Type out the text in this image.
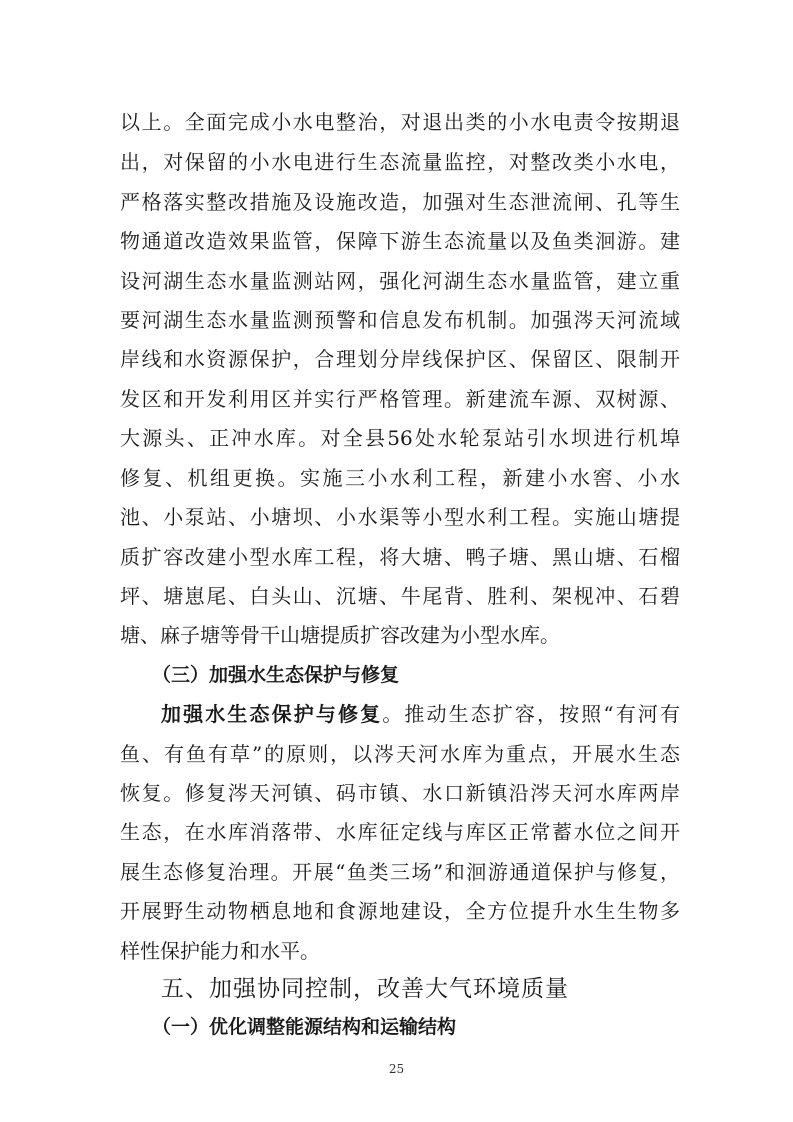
以上。全面完成小水电整治，对退出类的小水电责令按期退
出，对保留的小水电进行生态流量监控，对整改类小水电，
严格落实整改措施及设施改造，加强对生态泄流闸、孔等生
物通道改造效果监管，保障下游生态流量以及鱼类洄游。建
设河湖生态水量监测站网，强化河湖生态水量监管，建立重
要河湖生态水量监测预警和信息发布机制。加强涔天河流域
岸线和水资源保护，合理划分岸线保护区、保留区、限制开
发区和开发利用区并实行严格管理。新建流车源、双树源、
大源头、正冲水库。对全县56处水轮泵站引水坝进行机埠
修复、机组更换。实施三小水利工程，新建小水窖、小水
池、小泵站、小塘坝、小水渠等小型水利工程。实施山塘提
质扩容改建小型水库工程，将大塘、鸭子塘、黑山塘、石榴
坪、塘崽尾、白头山、沉塘、牛尾背、胜利、架枧冲、石碧
塘、麻子塘等骨干山塘提质扩容改建为小型水库。
（三）加强水生态保护与修复
加强水生态保护与修复。推动生态扩容，按照“有河有
鱼、有鱼有草”的原则，以涔天河水库为重点，开展水生态
恢复。修复涔天河镇、码市镇、水口新镇沿涔天河水库两岸
生态，在水库消落带、水库征定线与库区正常蓄水位之间开
展生态修复治理。开展“鱼类三场”和洄游通道保护与修复，
开展野生动物栖息地和食源地建设，全方位提升水生生物多
样性保护能力和水平。
五、加强协同控制，改善大气环境质量
（一）优化调整能源结构和运输结构
25
